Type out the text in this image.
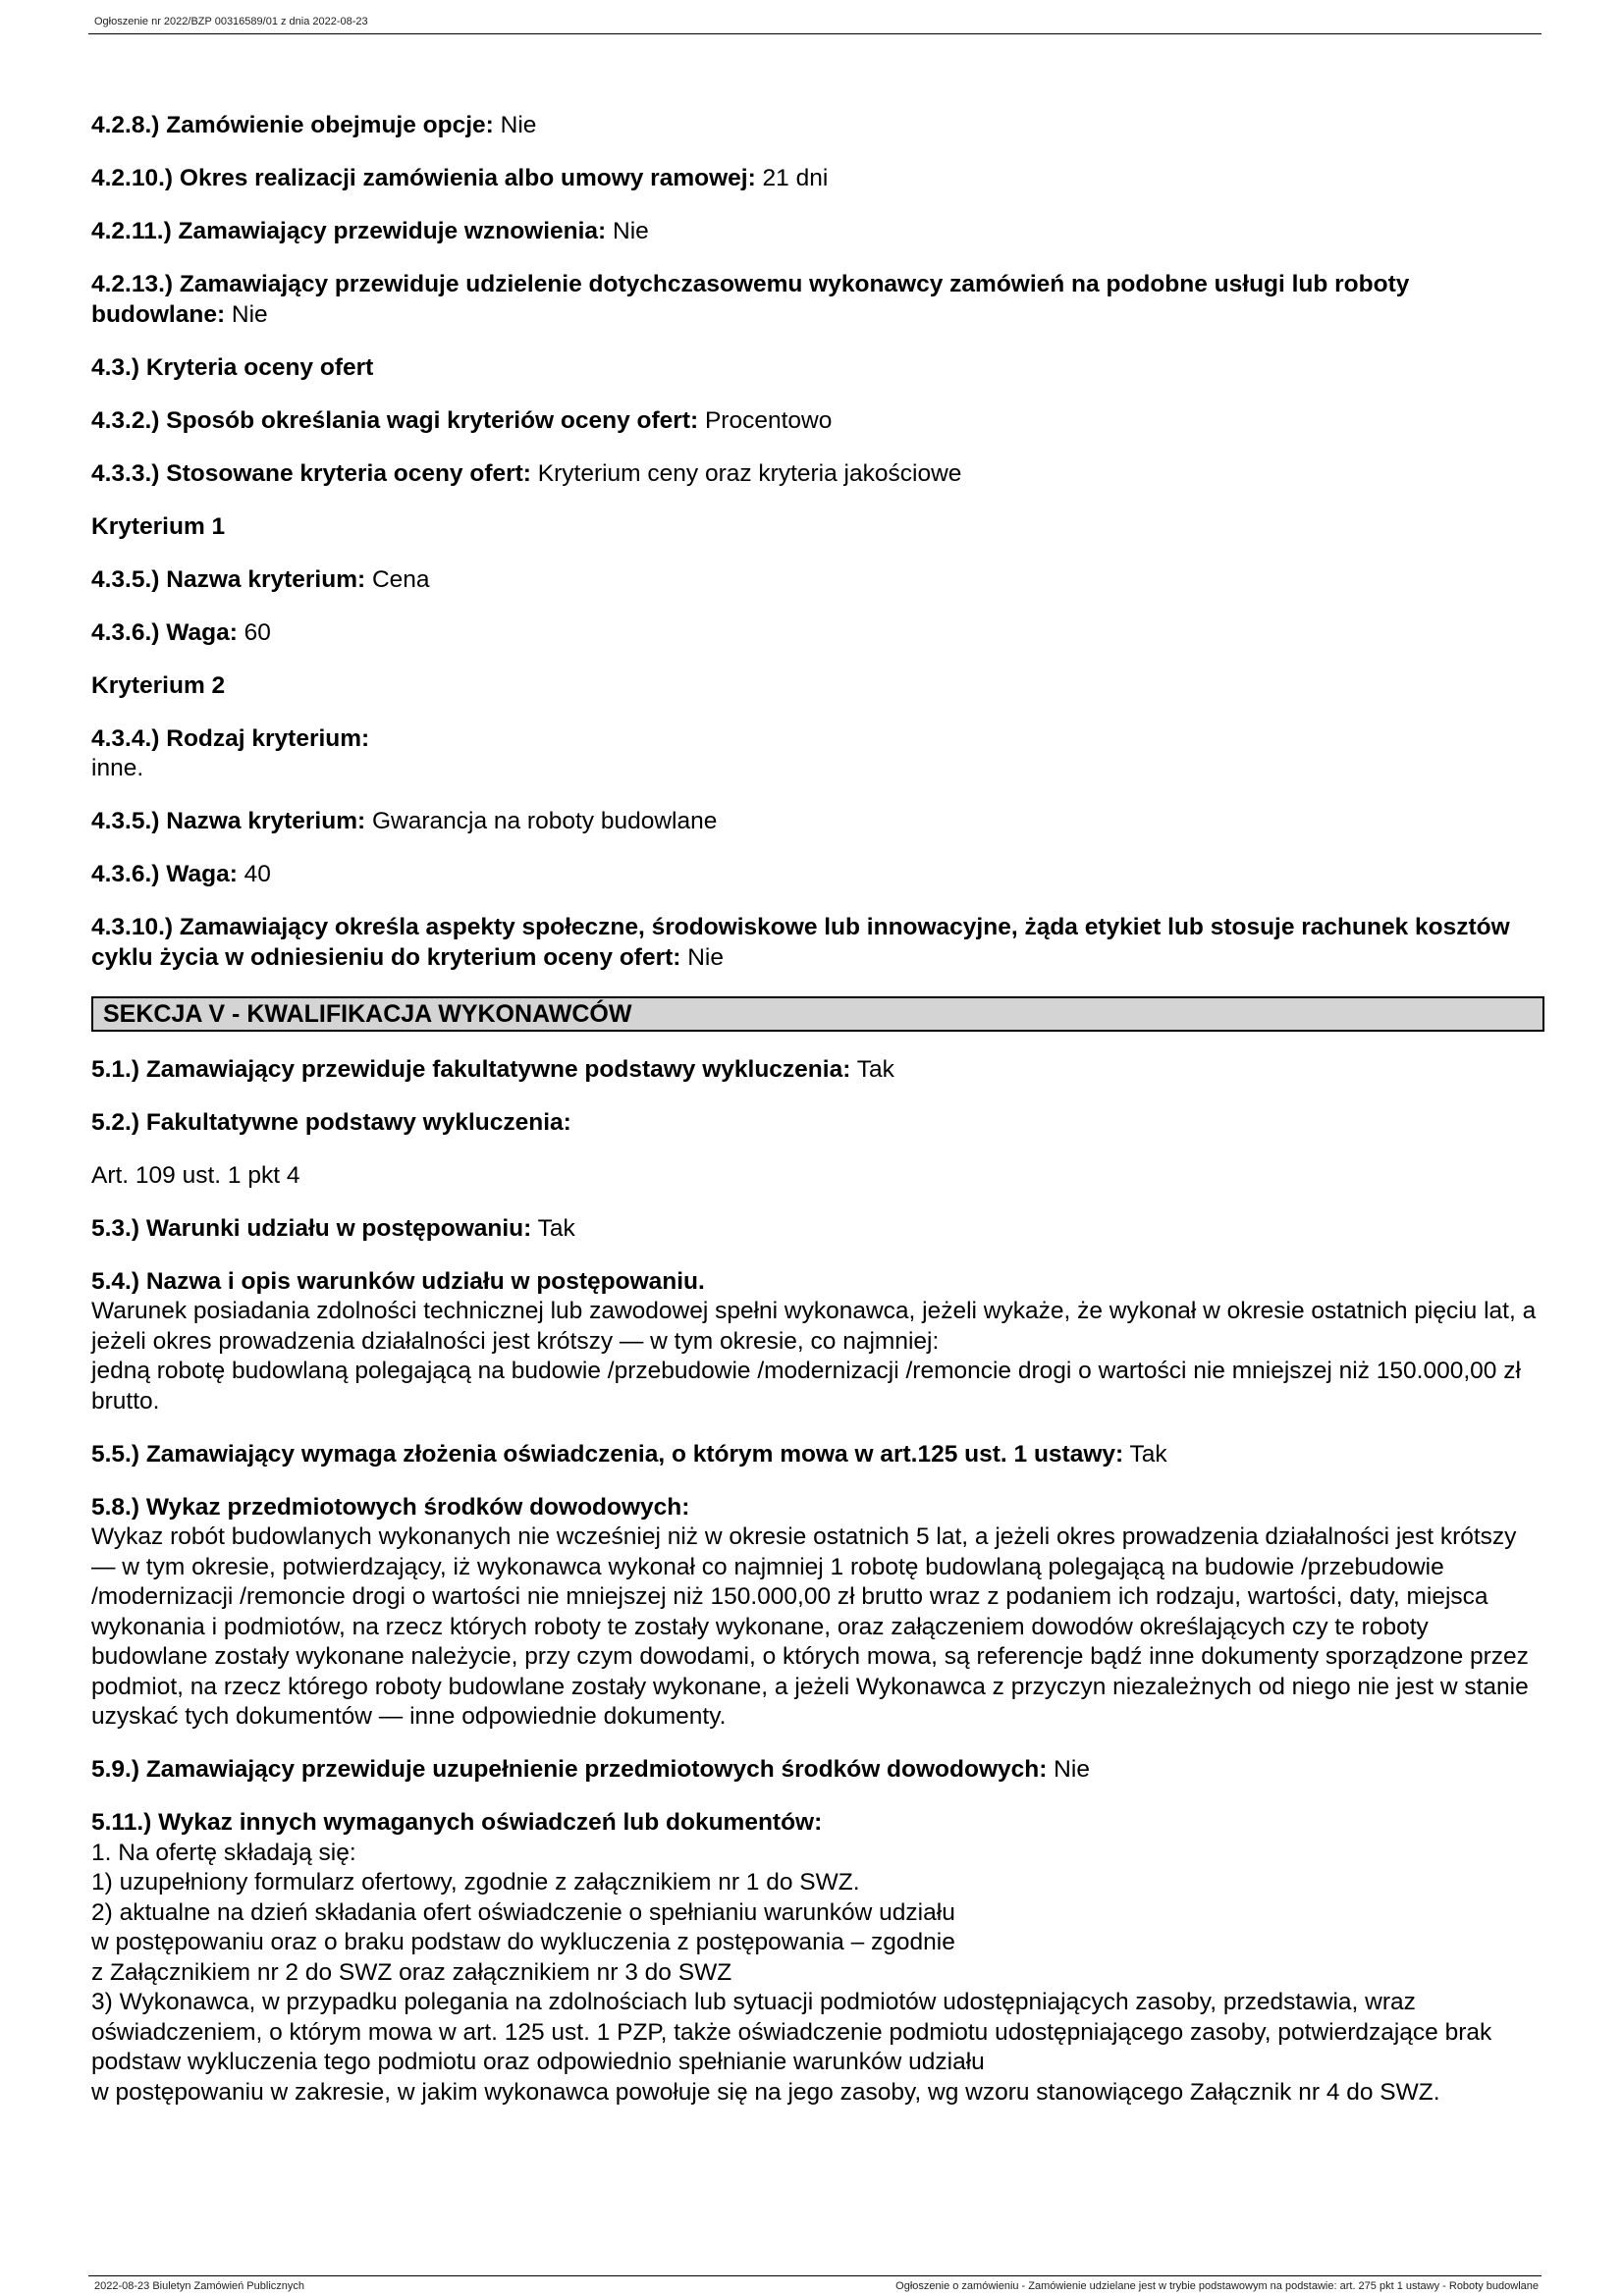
Ogłoszenie nr 2022/BZP 00316589/01 z dnia 2022-08-23
4.2.8.) Zamówienie obejmuje opcje: Nie
4.2.10.) Okres realizacji zamówienia albo umowy ramowej: 21 dni
4.2.11.) Zamawiający przewiduje wznowienia: Nie
4.2.13.) Zamawiający przewiduje udzielenie dotychczasowemu wykonawcy zamówień na podobne usługi lub roboty budowlane: Nie
4.3.) Kryteria oceny ofert
4.3.2.) Sposób określania wagi kryteriów oceny ofert: Procentowo
4.3.3.) Stosowane kryteria oceny ofert: Kryterium ceny oraz kryteria jakościowe
Kryterium 1
4.3.5.) Nazwa kryterium: Cena
4.3.6.) Waga: 60
Kryterium 2
4.3.4.) Rodzaj kryterium:
inne.
4.3.5.) Nazwa kryterium: Gwarancja na roboty budowlane
4.3.6.) Waga: 40
4.3.10.) Zamawiający określa aspekty społeczne, środowiskowe lub innowacyjne, żąda etykiet lub stosuje rachunek kosztów cyklu życia w odniesieniu do kryterium oceny ofert: Nie
SEKCJA V - KWALIFIKACJA WYKONAWCÓW
5.1.) Zamawiający przewiduje fakultatywne podstawy wykluczenia: Tak
5.2.) Fakultatywne podstawy wykluczenia:
Art. 109 ust. 1 pkt 4
5.3.) Warunki udziału w postępowaniu: Tak
5.4.) Nazwa i opis warunków udziału w postępowaniu.
Warunek posiadania zdolności technicznej lub zawodowej spełni wykonawca, jeżeli wykaże, że wykonał w okresie ostatnich pięciu lat, a jeżeli okres prowadzenia działalności jest krótszy — w tym okresie, co najmniej:
jedną robotę budowlaną polegającą na budowie /przebudowie /modernizacji /remoncie drogi o wartości nie mniejszej niż 150.000,00 zł brutto.
5.5.) Zamawiający wymaga złożenia oświadczenia, o którym mowa w art.125 ust. 1 ustawy: Tak
5.8.) Wykaz przedmiotowych środków dowodowych:
Wykaz robót budowlanych wykonanych nie wcześniej niż w okresie ostatnich 5 lat, a jeżeli okres prowadzenia działalności jest krótszy — w tym okresie, potwierdzający, iż wykonawca wykonał co najmniej 1 robotę budowlaną polegającą na budowie /przebudowie /modernizacji /remoncie drogi o wartości nie mniejszej niż 150.000,00 zł brutto wraz z podaniem ich rodzaju, wartości, daty, miejsca wykonania i podmiotów, na rzecz których roboty te zostały wykonane, oraz załączeniem dowodów określających czy te roboty budowlane zostały wykonane należycie, przy czym dowodami, o których mowa, są referencje bądź inne dokumenty sporządzone przez podmiot, na rzecz którego roboty budowlane zostały wykonane, a jeżeli Wykonawca z przyczyn niezależnych od niego nie jest w stanie uzyskać tych dokumentów — inne odpowiednie dokumenty.
5.9.) Zamawiający przewiduje uzupełnienie przedmiotowych środków dowodowych: Nie
5.11.) Wykaz innych wymaganych oświadczeń lub dokumentów:
1. Na ofertę składają się:
1) uzupełniony formularz ofertowy, zgodnie z załącznikiem nr 1 do SWZ.
2) aktualne na dzień składania ofert oświadczenie o spełnianiu warunków udziału
w postępowaniu oraz o braku podstaw do wykluczenia z postępowania – zgodnie
z Załącznikiem nr 2 do SWZ oraz załącznikiem nr 3 do SWZ
3) Wykonawca, w przypadku polegania na zdolnościach lub sytuacji podmiotów udostępniających zasoby, przedstawia, wraz oświadczeniem, o którym mowa w art. 125 ust. 1 PZP, także oświadczenie podmiotu udostępniającego zasoby, potwierdzające brak podstaw wykluczenia tego podmiotu oraz odpowiednio spełnianie warunków udziału
w postępowaniu w zakresie, w jakim wykonawca powołuje się na jego zasoby, wg wzoru stanowiącego Załącznik nr 4 do SWZ.
2022-08-23 Biuletyn Zamówień Publicznych	Ogłoszenie o zamówieniu - Zamówienie udzielane jest w trybie podstawowym na podstawie: art. 275 pkt 1 ustawy - Roboty budowlane
